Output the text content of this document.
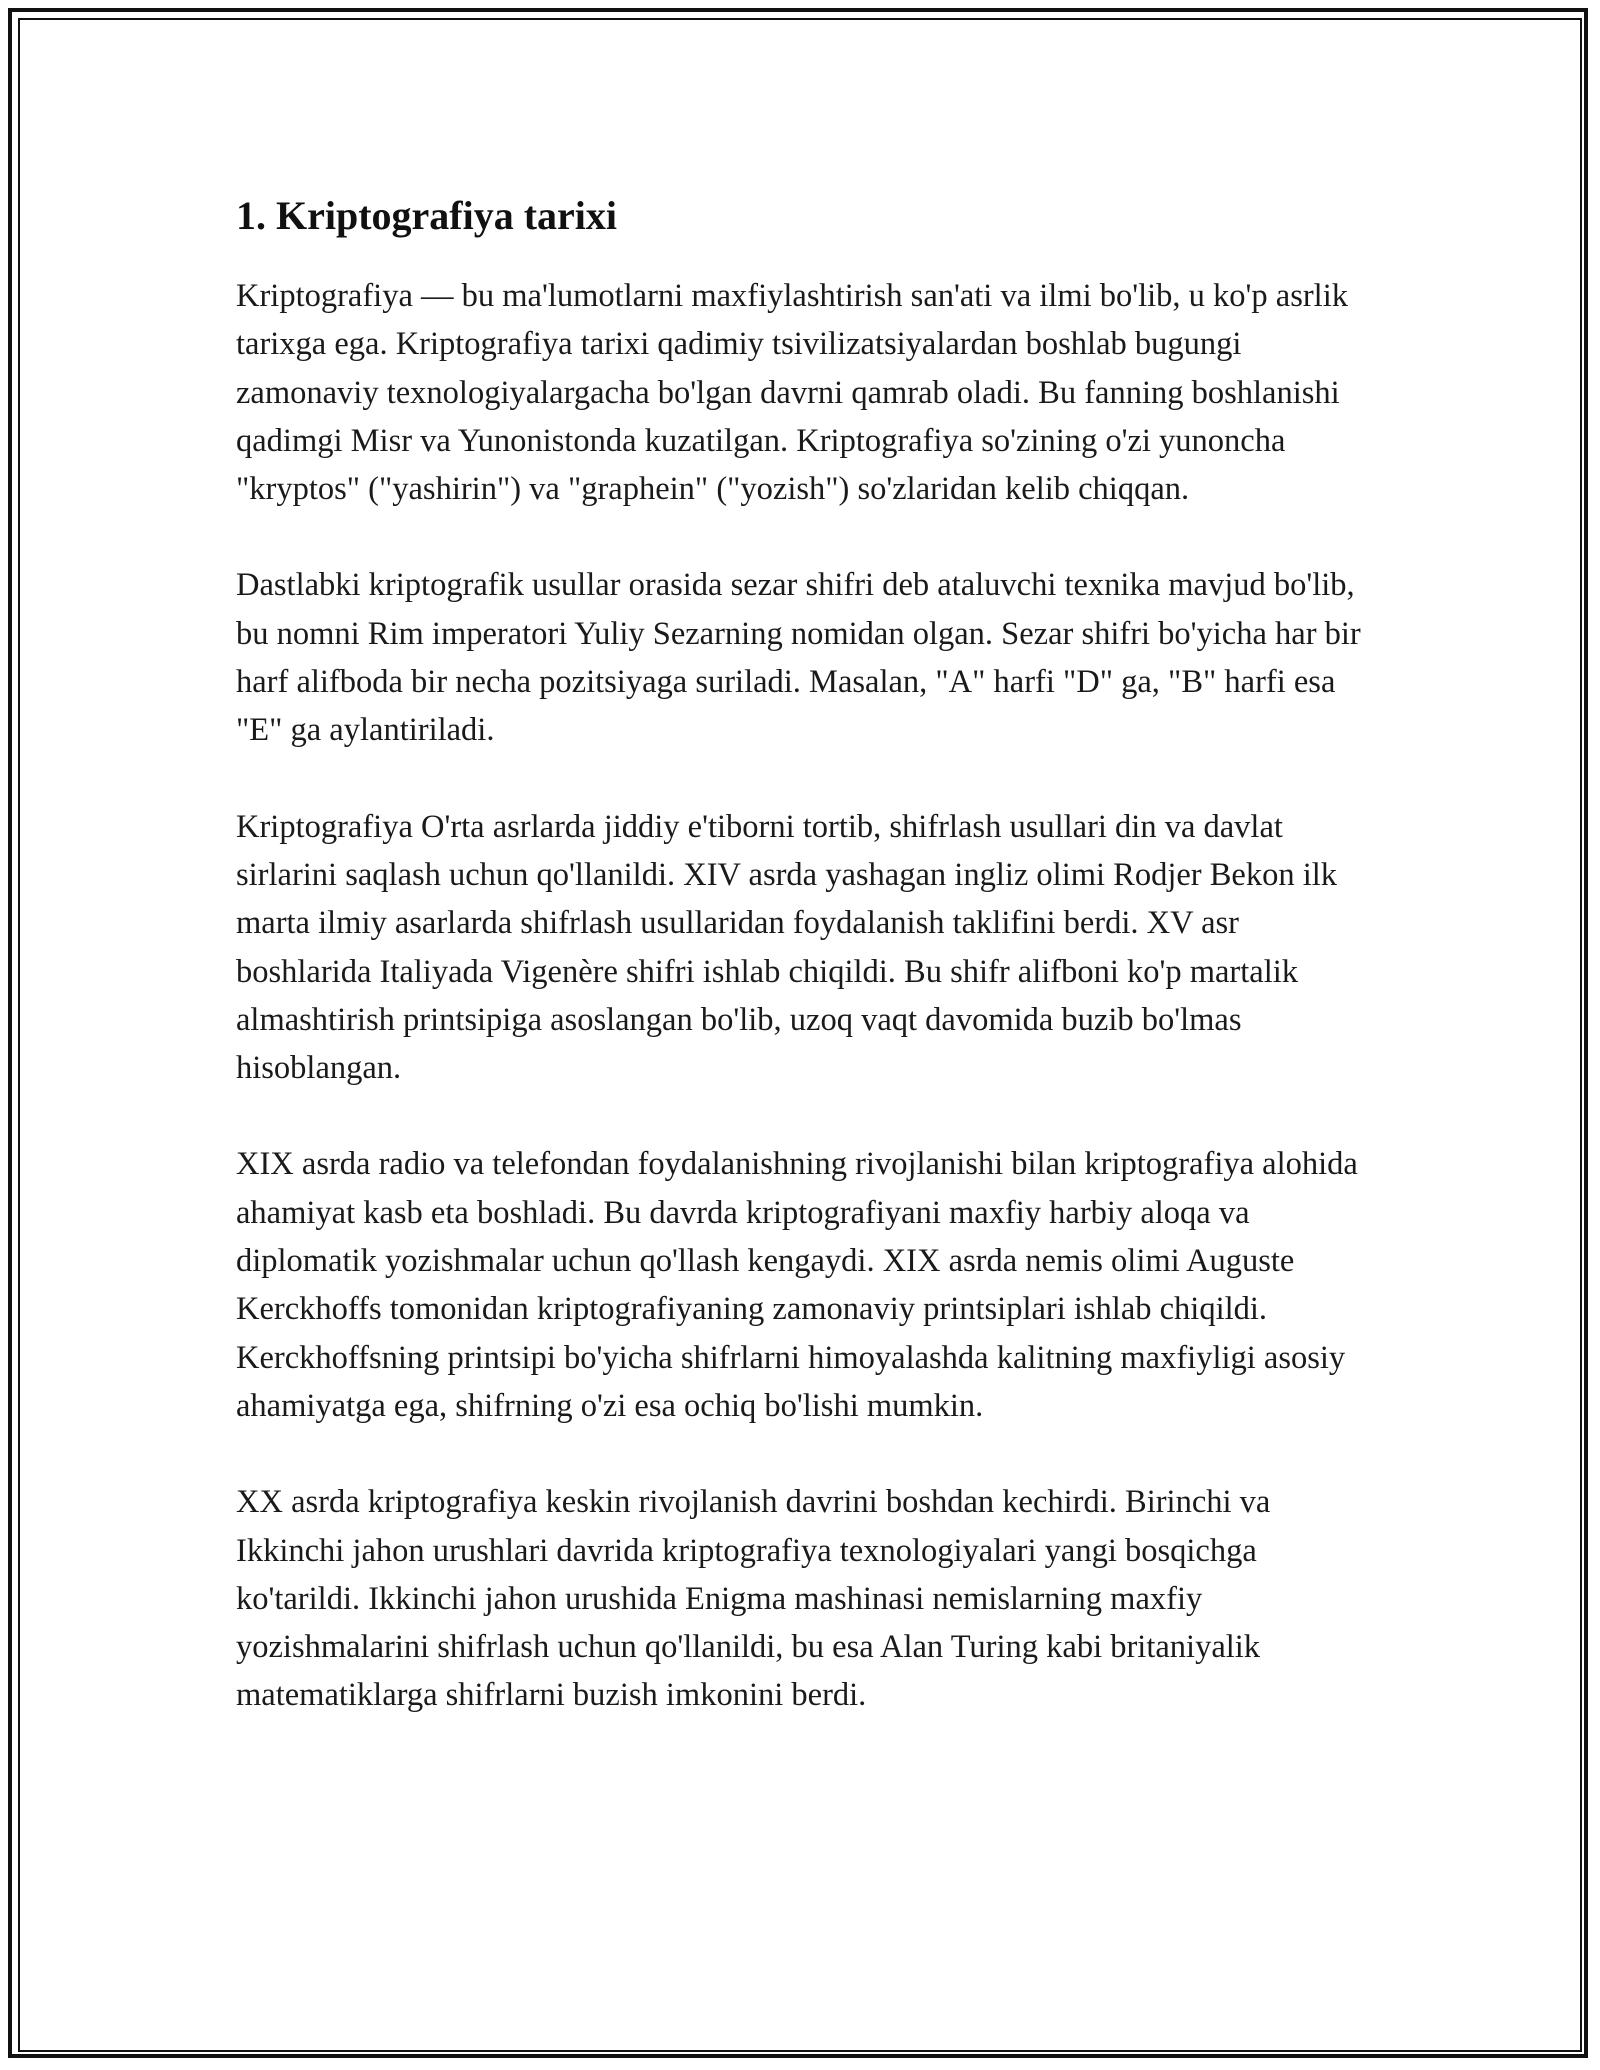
1. Kriptografiya tarixi

Kriptografiya — bu ma'lumotlarni maxfiylashtirish san'ati va ilmi bo'lib, u ko'p asrlik tarixga ega. Kriptografiya tarixi qadimiy tsivilizatsiyalardan boshlab bugungi zamonaviy texnologiyalargacha bo'lgan davrni qamrab oladi. Bu fanning boshlanishi qadimgi Misr va Yunonistonda kuzatilgan. Kriptografiya so'zining o'zi yunoncha "kryptos" ("yashirin") va "graphein" ("yozish") so'zlaridan kelib chiqqan.

Dastlabki kriptografik usullar orasida sezar shifri deb ataluvchi texnika mavjud bo'lib, bu nomni Rim imperatori Yuliy Sezarning nomidan olgan. Sezar shifri bo'yicha har bir harf alifboda bir necha pozitsiyaga suriladi. Masalan, "A" harfi "D" ga, "B" harfi esa "E" ga aylantiriladi.

Kriptografiya O'rta asrlarda jiddiy e'tiborni tortib, shifrlash usullari din va davlat sirlarini saqlash uchun qo'llanildi. XIV asrda yashagan ingliz olimi Rodjer Bekon ilk marta ilmiy asarlarda shifrlash usullaridan foydalanish taklifini berdi. XV asr boshlarida Italiyada Vigenère shifri ishlab chiqildi. Bu shifr alifboni ko'p martalik almashtirish printsipiga asoslangan bo'lib, uzoq vaqt davomida buzib bo'lmas hisoblangan.

XIX asrda radio va telefondan foydalanishning rivojlanishi bilan kriptografiya alohida ahamiyat kasb eta boshladi. Bu davrda kriptografiyani maxfiy harbiy aloqa va diplomatik yozishmalar uchun qo'llash kengaydi. XIX asrda nemis olimi Auguste Kerckhoffs tomonidan kriptografiyaning zamonaviy printsiplari ishlab chiqildi. Kerckhoffsning printsipi bo'yicha shifrlarni himoyalashda kalitning maxfiyligi asosiy ahamiyatga ega, shifrning o'zi esa ochiq bo'lishi mumkin.

XX asrda kriptografiya keskin rivojlanish davrini boshdan kechirdi. Birinchi va Ikkinchi jahon urushlari davrida kriptografiya texnologiyalari yangi bosqichga ko'tarildi. Ikkinchi jahon urushida Enigma mashinasi nemislarning maxfiy yozishmalarini shifrlash uchun qo'llanildi, bu esa Alan Turing kabi britaniyalik matematiklarga shifrlarni buzish imkonini berdi.
